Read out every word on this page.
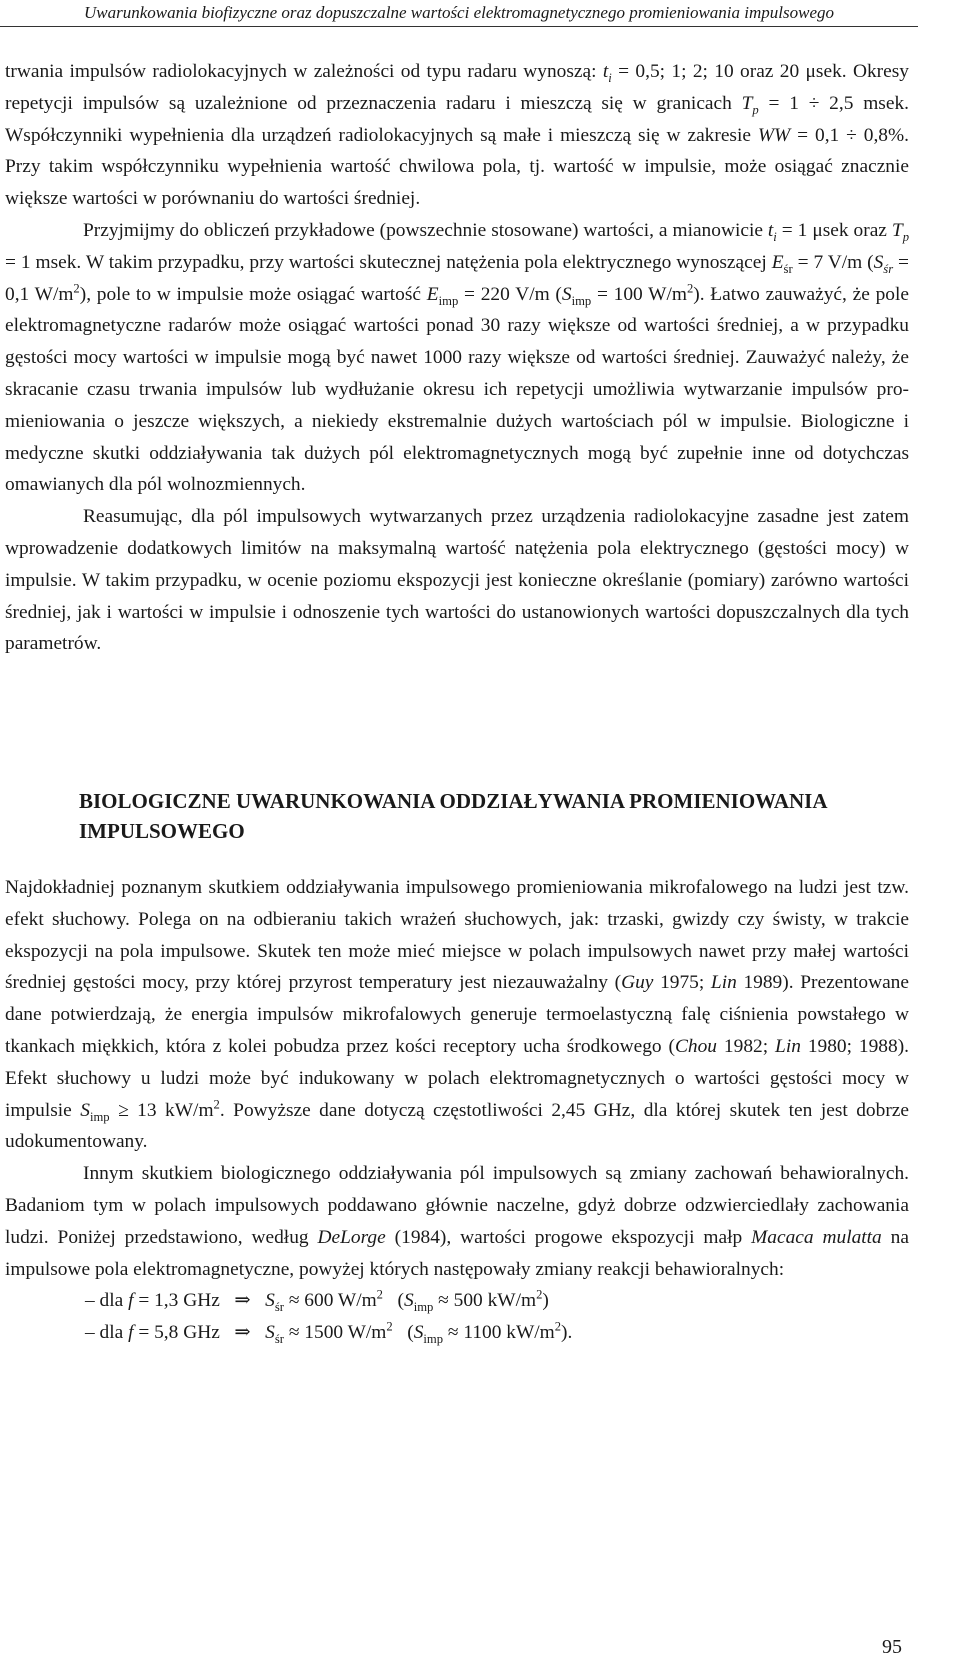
Uwarunkowania biofizyczne oraz dopuszczalne wartości elektromagnetycznego promieniowania impulsowego

trwania impulsów radiolokacyjnych w zależności od typu radaru wynoszą: $t_i = 0,5$; 1; 2; 10 oraz 20 μsek. Okresy repetycji impulsów są uzależnione od przeznaczenia radaru i mieszczą się w granicach $T_p = 1 \div 2,5$ msek. Współczynniki wypełnienia dla urządzeń radiolokacyjnych są małe i mieszczą się w zakresie WW = 0,1 ÷ 0,8%. Przy takim współczynniku wypełnienia wartość chwilowa pola, tj. wartość w impulsie, może osiągać znacznie większe wartości w porównaniu do wartości średniej.

Przyjmijmy do obliczeń przykładowe (powszechnie stosowane) wartości, a mianowicie $t_i = 1$ μsek oraz $T_p = 1$ msek. W takim przypadku, przy wartości skutecznej natężenia pola elektrycznego wynoszącej $E_{śr} = 7$ V/m ($S_{śr} = 0,1$ $W/m^2$), pole to w impulsie może osiągać wartość $E_{imp} = 220$ V/m ($S_{imp} = 100$ $W/m^2$). Łatwo zauważyć, że pole elektromagnetyczne radarów może osiągać wartości ponad 30 razy większe od wartości średniej, a w przypadku gęstości mocy wartości w impulsie mogą być nawet 1000 razy większe od wartości średniej. Zauważyć należy, że skracanie czasu trwania impulsów lub wydłużanie okresu ich repetycji umożliwia wytwarzanie impulsów promieniowania o jeszcze większych, a niekiedy ekstremalnie dużych wartościach pól w impulsie. Biologiczne i medyczne skutki oddziaływania tak dużych pól elektromagnetycznych mogą być zupełnie inne od dotychczas omawianych dla pól wolnozmiennych.

Reasumując, dla pól impulsowych wytwarzanych przez urządzenia radiolokacyjne zasadne jest zatem wprowadzenie dodatkowych limitów na maksymalną wartość natężenia pola elektrycznego (gęstości mocy) w impulsie. W takim przypadku, w ocenie poziomu ekspozycji jest konieczne określanie (pomiary) zarówno wartości średniej, jak i wartości w impulsie i odnoszenie tych wartości do ustanowionych wartości dopuszczalnych dla tych parametrów.

BIOLOGICZNE UWARUNKOWANIA ODDZIAŁYWANIA PROMIENIOWANIA IMPULSOWEGO

Najdokładniej poznanym skutkiem oddziaływania impulsowego promieniowania mikrofalowego na ludzi jest tzw. efekt słuchowy. Polega on na odbieraniu takich wrażeń słuchowych, jak: trzaski, gwizdy czy świsty, w trakcie ekspozycji na pola impulsowe. Skutek ten może mieć miejsce w polach impulsowych nawet przy małej wartości średniej gęstości mocy, przy której przyrost temperatury jest niezauważalny (Guy 1975; Lin 1989). Prezentowane dane potwierdzają, że energia impulsów mikrofalowych generuje termoelastyczną falę ciśnienia powstałego w tkankach miękkich, która z kolei pobudza przez kości receptory ucha środkowego (Chou 1982; Lin 1980; 1988). Efekt słuchowy u ludzi może być indukowany w polach elektromagnetycznych o wartości gęstości mocy w impulsie $S_{imp} \ge 13$ $kW/m^2$. Powyższe dane dotyczą częstotliwości 2,45 GHz, dla której skutek ten jest dobrze udokumentowany.

Innym skutkiem biologicznego oddziaływania pól impulsowych są zmiany zachowań behawioralnych. Badaniom tym w polach impulsowych poddawano głównie naczelne, gdyż dobrze odzwierciedlały zachowania ludzi. Poniżej przedstawiono, według DeLorge (1984), wartości progowe ekspozycji małp Macaca mulatta na impulsowe pola elektromagnetyczne, powyżej których następowały zmiany reakcji behawioralnych:

– dla f = 1,3 GHz   ⇒   $S_{śr} \approx 600$ $W/m^2$   ($S_{imp} \approx 500$ $kW/m^2$)
– dla f = 5,8 GHz   ⇒   $S_{śr} \approx 1500$ $W/m^2$   ($S_{imp} \approx 1100$ $kW/m^2$).
95
